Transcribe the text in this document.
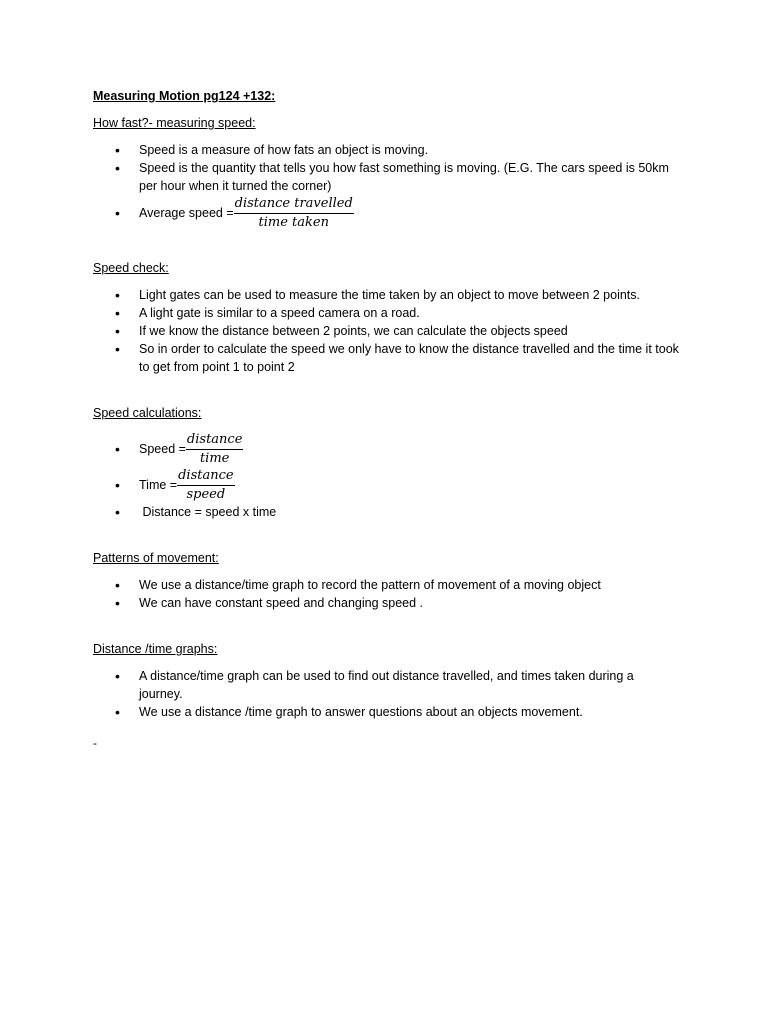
Measuring Motion pg124 +132:

How fast?- measuring speed:

• Speed is a measure of how fats an object is moving.
• Speed is the quantity that tells you how fast something is moving. (E.G. The cars speed is 50km per hour when it turned the corner)
• Average speed = $\frac{\text{distance travelled}}{\text{time taken}}$

Speed check:

• Light gates can be used to measure the time taken by an object to move between 2 points.
• A light gate is similar to a speed camera on a road.
• If we know the distance between 2 points, we can calculate the objects speed
• So in order to calculate the speed we only have to know the distance travelled and the time it took to get from point 1 to point 2

Speed calculations:

• Speed = $\frac{\text{distance}}{\text{time}}$
• Time = $\frac{\text{distance}}{\text{speed}}$
•  Distance = speed x time

Patterns of movement:

• We use a distance/time graph to record the pattern of movement of a moving object
• We can have constant speed and changing speed .

Distance /time graphs:

• A distance/time graph can be used to find out distance travelled, and times taken during a journey.
• We use a distance /time graph to answer questions about an objects movement.
-
